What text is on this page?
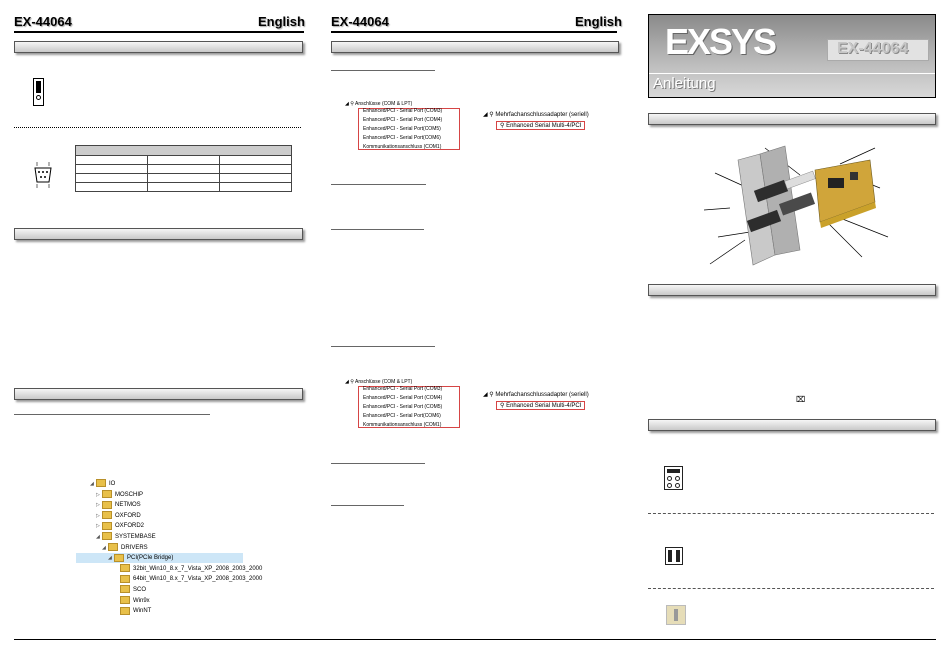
EX-44064	English EX-44064	English

◢	IO
▷	MOSCHIP
▷	NETMOS
▷	OXFORD
▷	OXFORD2
◢	SYSTEMBASE
◢	DRIVERS
◢	PCI(PCIe Bridge)
32bit_Win10_8.x_7_Vista_XP_2008_2003_2000
64bit_Win10_8.x_7_Vista_XP_2008_2003_2000
SCO
Win9x
WinNT
◢ ⚲ Anschlüsse (COM & LPT)
Enhanced/PCI - Serial Port (COM3)
Enhanced/PCI - Serial Port (COM4)
Enhanced/PCI - Serial Port(COM5)
Enhanced/PCI - Serial Port(COM6)
Kommunikationsanschluss (COM1)
◢ ⚲ Mehrfachanschlussadapter (seriell)
⚲ Enhanced Serial Multi-4/PCI
◢ ⚲ Anschlüsse (COM & LPT)
Enhanced/PCI - Serial Port (COM3)
Enhanced/PCI - Serial Port (COM4)
Enhanced/PCI - Serial Port (COM5)
Enhanced/PCI - Serial Port(COM6)
Kommunikationsanschluss (COM1)
◢ ⚲ Mehrfachanschlussadapter (seriell)
⚲ Enhanced Serial Multi-4/PCI
EXSYS	EX-44064
Anleitung
⌧
